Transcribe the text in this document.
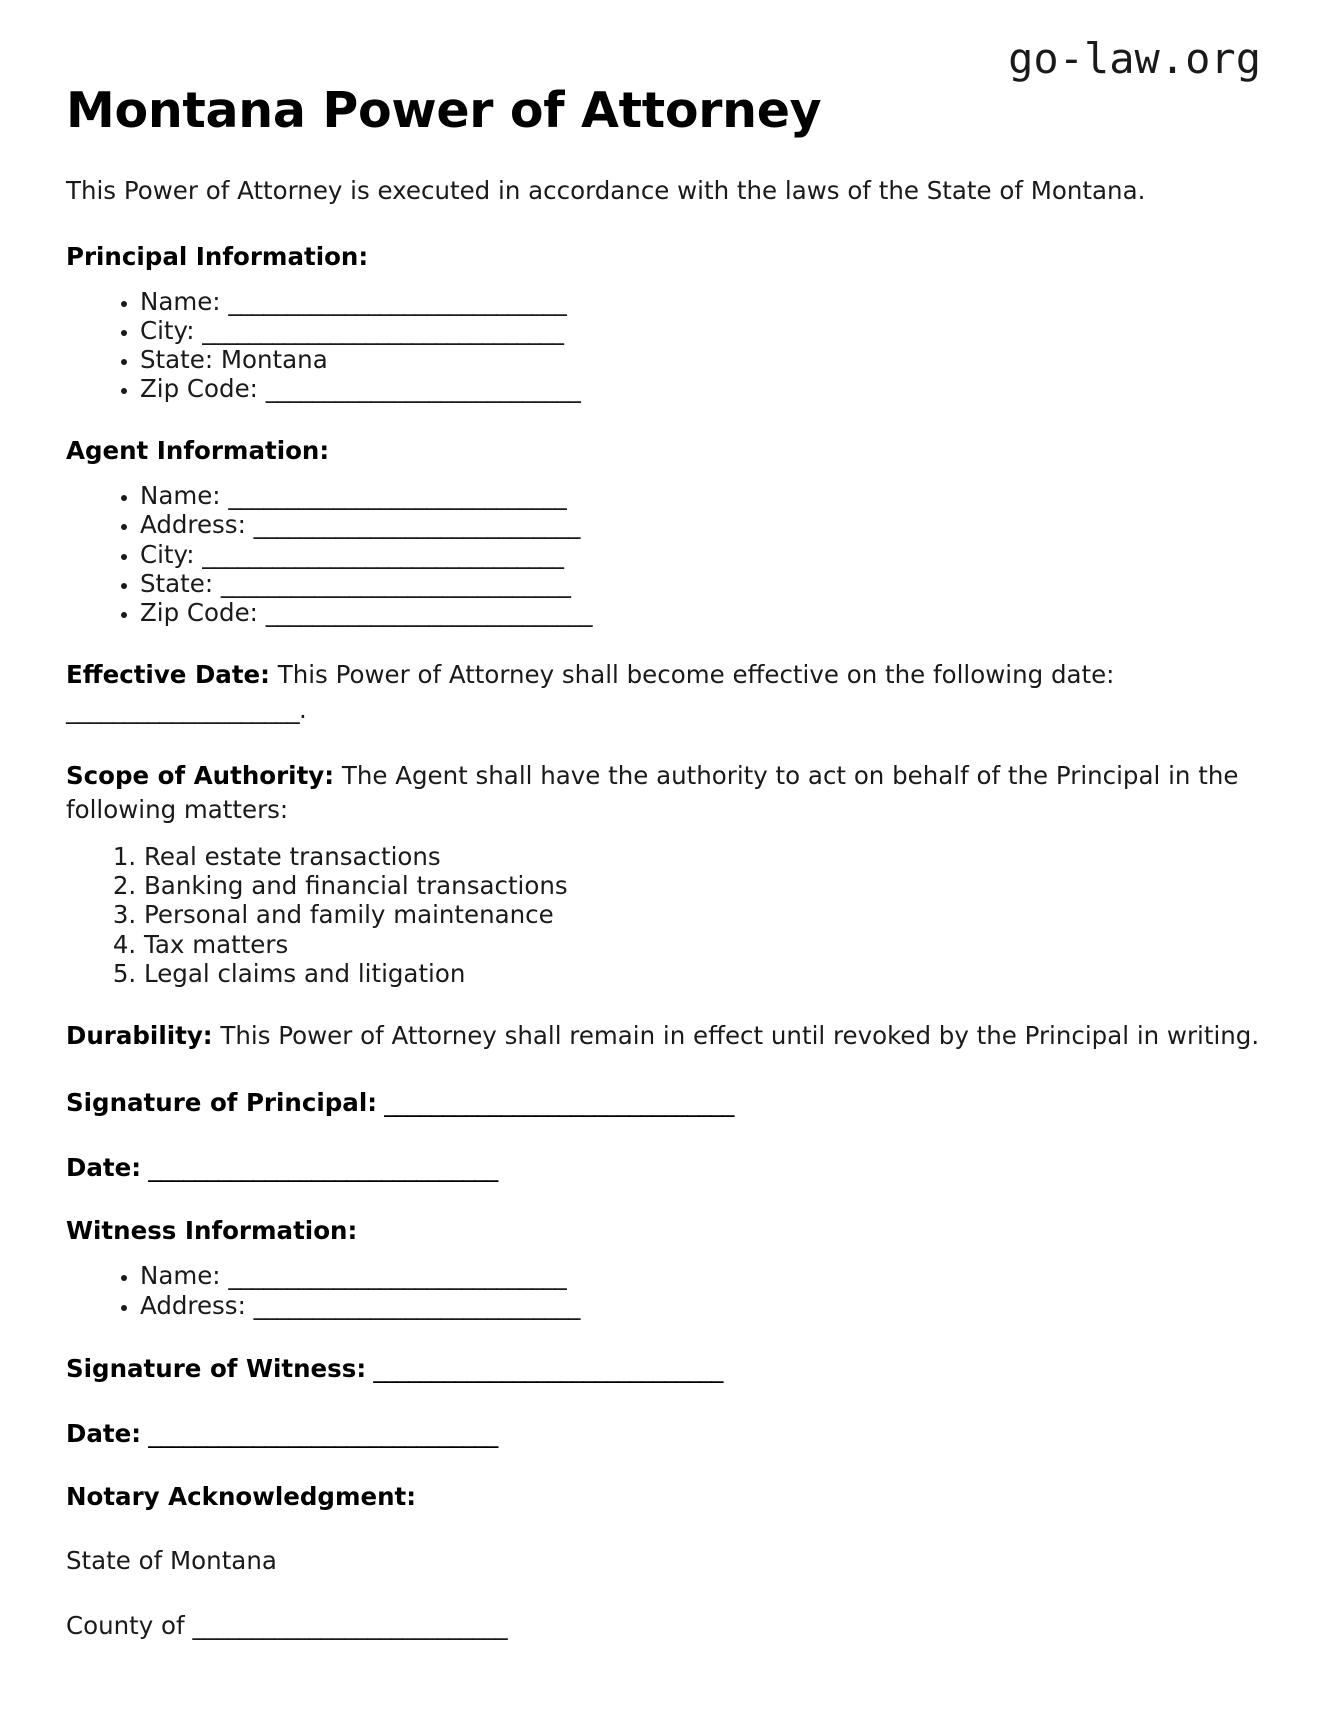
go-law.org
Montana Power of Attorney

This Power of Attorney is executed in accordance with the laws of the State of Montana.

Principal Information:
• Name: _____________________________
• City: _______________________________
• State: Montana
• Zip Code: ___________________________
Agent Information:
• Name: _____________________________
• Address: ____________________________
• City: _______________________________
• State: ______________________________
• Zip Code: ____________________________

Effective Date: This Power of Attorney shall become effective on the following date: ____________________.

Scope of Authority: The Agent shall have the authority to act on behalf of the Principal in the following matters:

1. Real estate transactions
2. Banking and financial transactions
3. Personal and family maintenance
4. Tax matters
5. Legal claims and litigation

Durability: This Power of Attorney shall remain in effect until revoked by the Principal in writing.

Signature of Principal: ______________________________

Date: ______________________________

Witness Information:
• Name: _____________________________
• Address: ____________________________

Signature of Witness: ______________________________

Date: ______________________________

Notary Acknowledgment:

State of Montana

County of ___________________________
